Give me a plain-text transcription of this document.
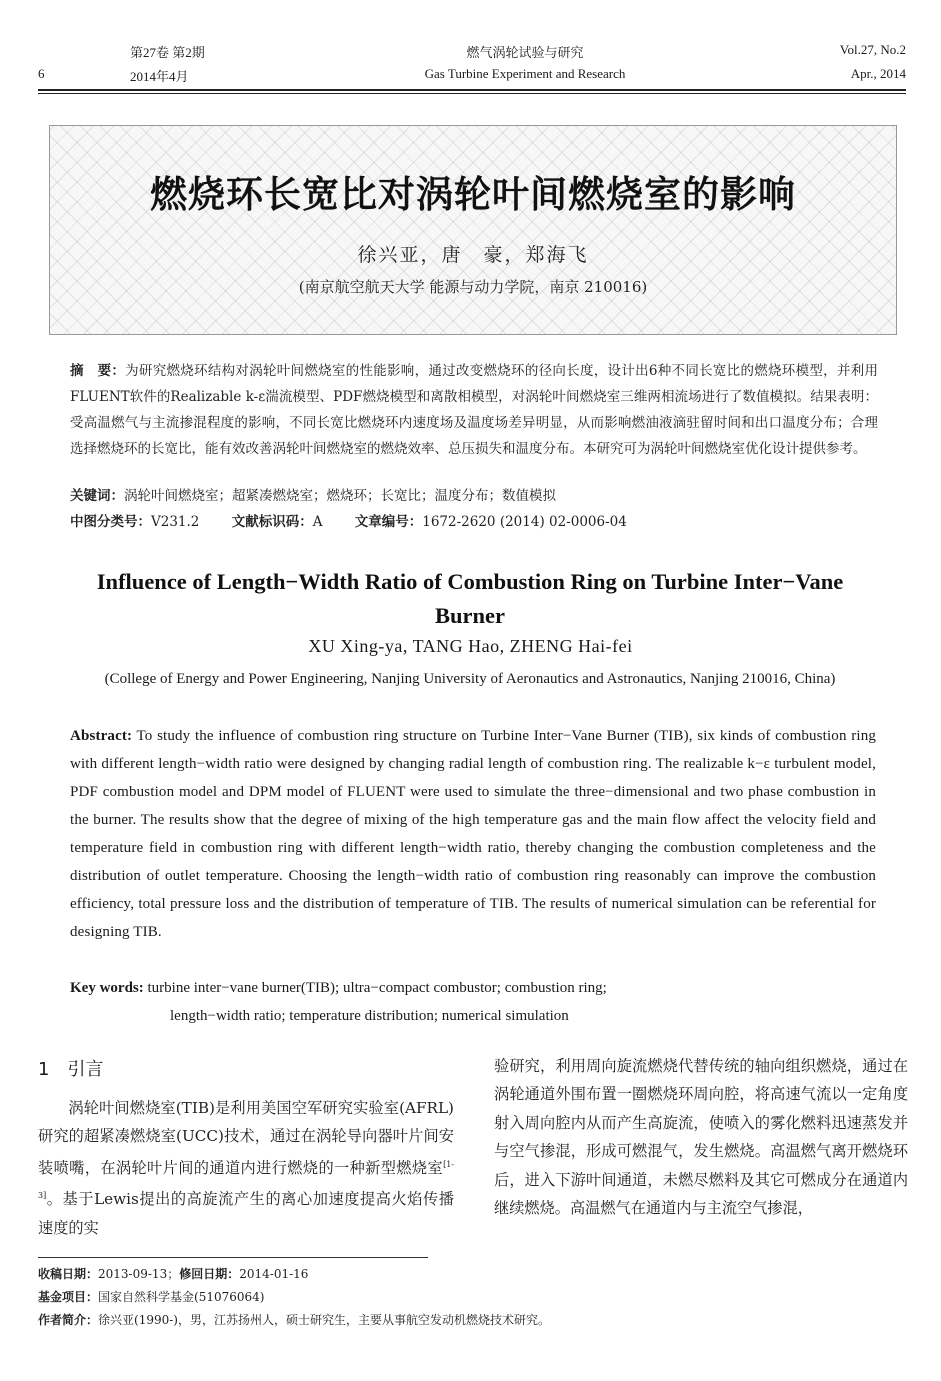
6
第27卷 第2期
2014年4月
燃气涡轮试验与研究
Gas Turbine Experiment and Research
Vol.27, No.2
Apr., 2014
燃烧环长宽比对涡轮叶间燃烧室的影响
徐兴亚，唐　豪，郑海飞
(南京航空航天大学 能源与动力学院，南京 210016)
摘　要：为研究燃烧环结构对涡轮叶间燃烧室的性能影响，通过改变燃烧环的径向长度，设计出6种不同长宽比的燃烧环模型，并利用FLUENT软件的Realizable k-ε湍流模型、PDF燃烧模型和离散相模型，对涡轮叶间燃烧室三维两相流场进行了数值模拟。结果表明：受高温燃气与主流掺混程度的影响，不同长宽比燃烧环内速度场及温度场差异明显，从而影响燃油液滴驻留时间和出口温度分布；合理选择燃烧环的长宽比，能有效改善涡轮叶间燃烧室的燃烧效率、总压损失和温度分布。本研究可为涡轮叶间燃烧室优化设计提供参考。
关键词：涡轮叶间燃烧室；超紧凑燃烧室；燃烧环；长宽比；温度分布；数值模拟
中图分类号：V231.2 文献标识码：A 文章编号：1672-2620 (2014) 02-0006-04
Influence of Length−Width Ratio of Combustion Ring on Turbine Inter−Vane Burner
XU Xing-ya, TANG Hao, ZHENG Hai-fei
(College of Energy and Power Engineering, Nanjing University of Aeronautics and Astronautics, Nanjing 210016, China)
Abstract: To study the influence of combustion ring structure on Turbine Inter−Vane Burner (TIB), six kinds of combustion ring with different length−width ratio were designed by changing radial length of combustion ring. The realizable k−ε turbulent model, PDF combustion model and DPM model of FLUENT were used to simulate the three−dimensional and two phase combustion in the burner. The results show that the degree of mixing of the high temperature gas and the main flow affect the velocity field and temperature field in combustion ring with different length−width ratio, thereby changing the combustion completeness and the distribution of outlet temperature. Choosing the length−width ratio of combustion ring reasonably can improve the combustion efficiency, total pressure loss and the distribution of temperature of TIB. The results of numerical simulation can be referential for designing TIB.
Key words: turbine inter−vane burner(TIB); ultra−compact combustor; combustion ring;
length−width ratio; temperature distribution; numerical simulation
1　引言
涡轮叶间燃烧室(TIB)是利用美国空军研究实验室(AFRL)研究的超紧凑燃烧室(UCC)技术，通过在涡轮导向器叶片间安装喷嘴，在涡轮叶片间的通道内进行燃烧的一种新型燃烧室[1-3]。基于Lewis提出的高旋流产生的离心加速度提高火焰传播速度的实
验研究，利用周向旋流燃烧代替传统的轴向组织燃烧，通过在涡轮通道外围布置一圈燃烧环周向腔，将高速气流以一定角度射入周向腔内从而产生高旋流，使喷入的雾化燃料迅速蒸发并与空气掺混，形成可燃混气，发生燃烧。高温燃气离开燃烧环后，进入下游叶间通道，未燃尽燃料及其它可燃成分在通道内继续燃烧。高温燃气在通道内与主流空气掺混，
收稿日期：2013-09-13；修回日期：2014-01-16
基金项目：国家自然科学基金(51076064)
作者简介：徐兴亚(1990-)，男，江苏扬州人，硕士研究生，主要从事航空发动机燃烧技术研究。
